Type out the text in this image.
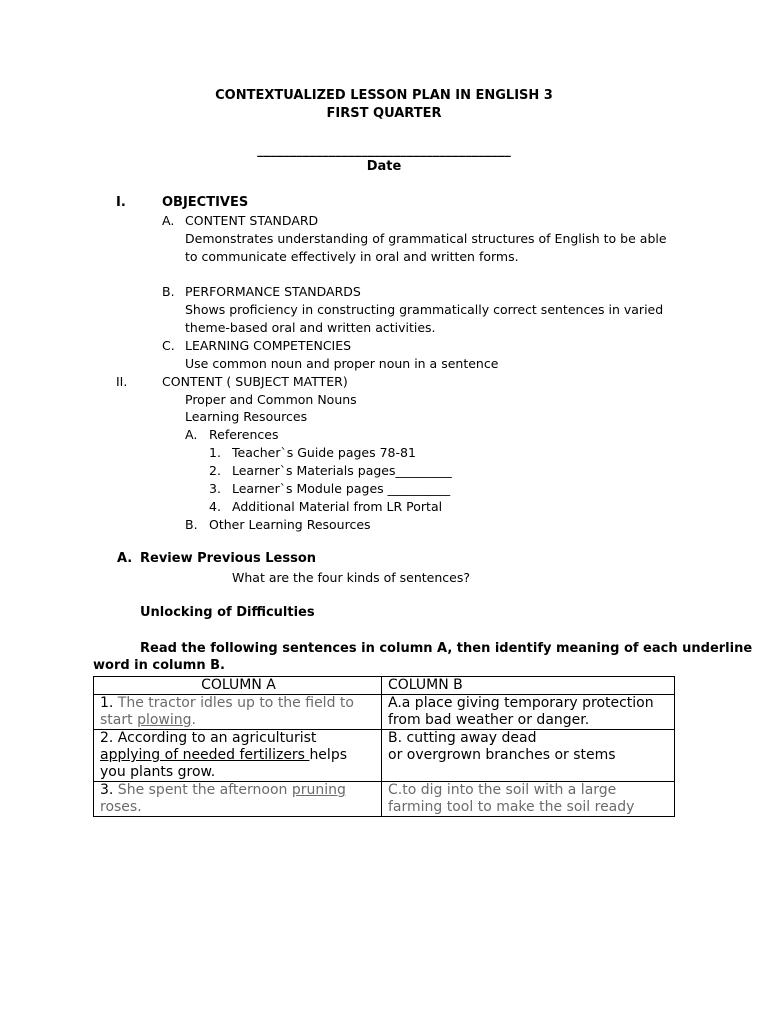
CONTEXTUALIZED LESSON PLAN IN ENGLISH 3
FIRST QUARTER
_______________________________________
Date
I.	OBJECTIVES
A. CONTENT STANDARD
Demonstrates understanding of grammatical structures of English to be able
to communicate effectively in oral and written forms.
B. PERFORMANCE STANDARDS
Shows proficiency in constructing grammatically correct sentences in varied
theme-based oral and written activities.
C. LEARNING COMPETENCIES
Use common noun and proper noun in a sentence
II.	CONTENT ( SUBJECT MATTER)
Proper and Common Nouns
Learning Resources
A. References
1. Teacher`s Guide pages 78-81
2. Learner`s Materials pages_________
3. Learner`s Module pages __________
4. Additional Material from LR Portal
B. Other Learning Resources
A. Review Previous Lesson
What are the four kinds of sentences?
Unlocking of Difficulties
Read the following sentences in column A, then identify meaning of each underline
word in column B.
COLUMN A	COLUMN B
1. The tractor idles up to the field to start plowing.	A.a place giving temporary protection from bad weather or danger.
2. According to an agriculturist applying of needed fertilizers helps you plants grow.	B. cutting away dead
or overgrown branches or stems

3. She spent the afternoon pruning roses.	C.to dig into the soil with a large farming tool to make the soil ready
